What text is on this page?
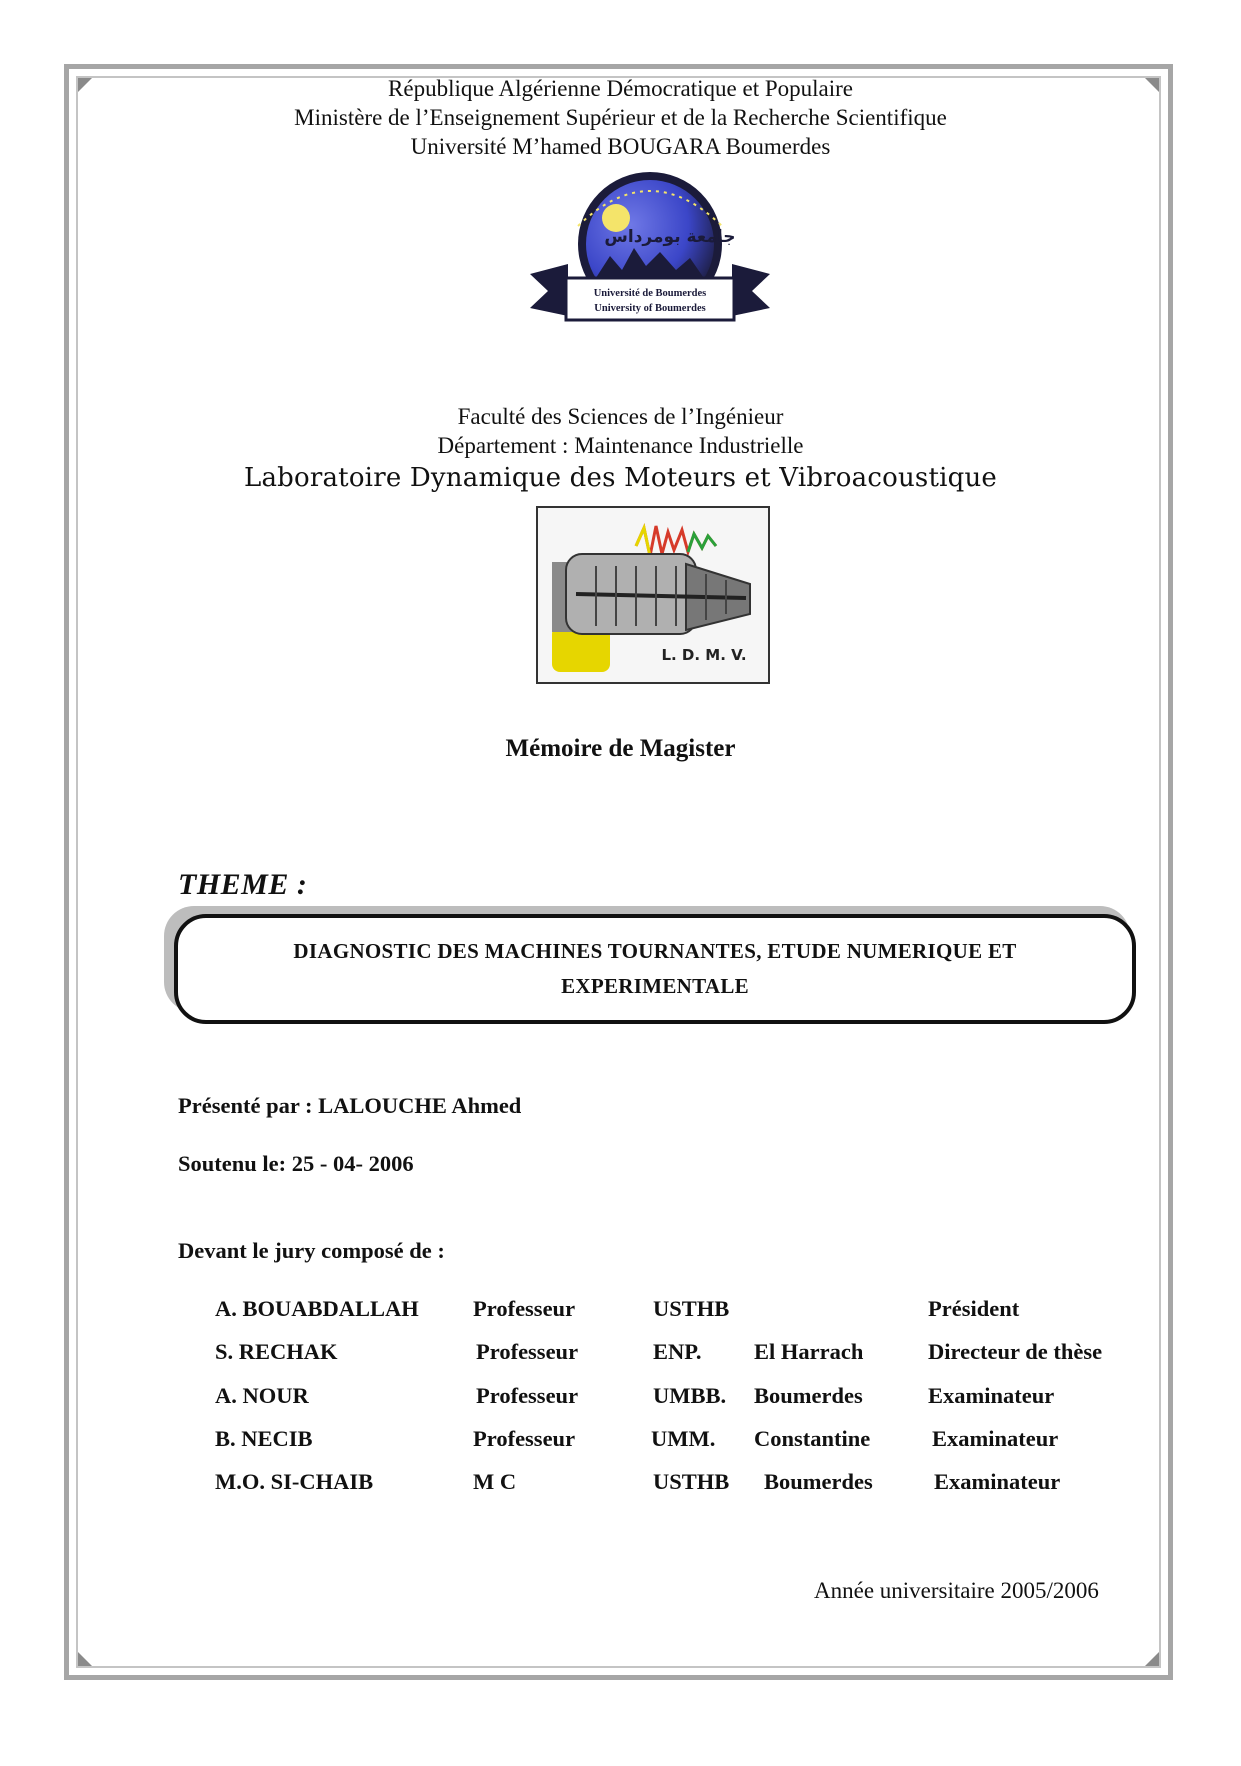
République Algérienne Démocratique et Populaire
Ministère de l’Enseignement Supérieur et de la Recherche Scientifique
Université M’hamed BOUGARA Boumerdes
جامعة بومرداس
Université de Boumerdes
University of Boumerdes
Faculté des Sciences de l’Ingénieur
Département : Maintenance Industrielle
Laboratoire Dynamique des Moteurs et Vibroacoustique
L. D. M. V.
Mémoire de Magister
THEME :
DIAGNOSTIC DES MACHINES TOURNANTES, ETUDE NUMERIQUE ET EXPERIMENTALE
Présenté par : LALOUCHE Ahmed
Soutenu le: 25 - 04- 2006
Devant le jury composé de :
A. BOUABDALLAH Professeur	USTHB	Président
S. RECHAK	Professeur	ENP. El Harrach	Directeur de thèse
A. NOUR	Professeur	UMBB. Boumerdes	Examinateur
B. NECIB	Professeur	UMM. Constantine	Examinateur
M.O. SI-CHAIB	M C	USTHB Boumerdes	Examinateur
Année universitaire 2005/2006
